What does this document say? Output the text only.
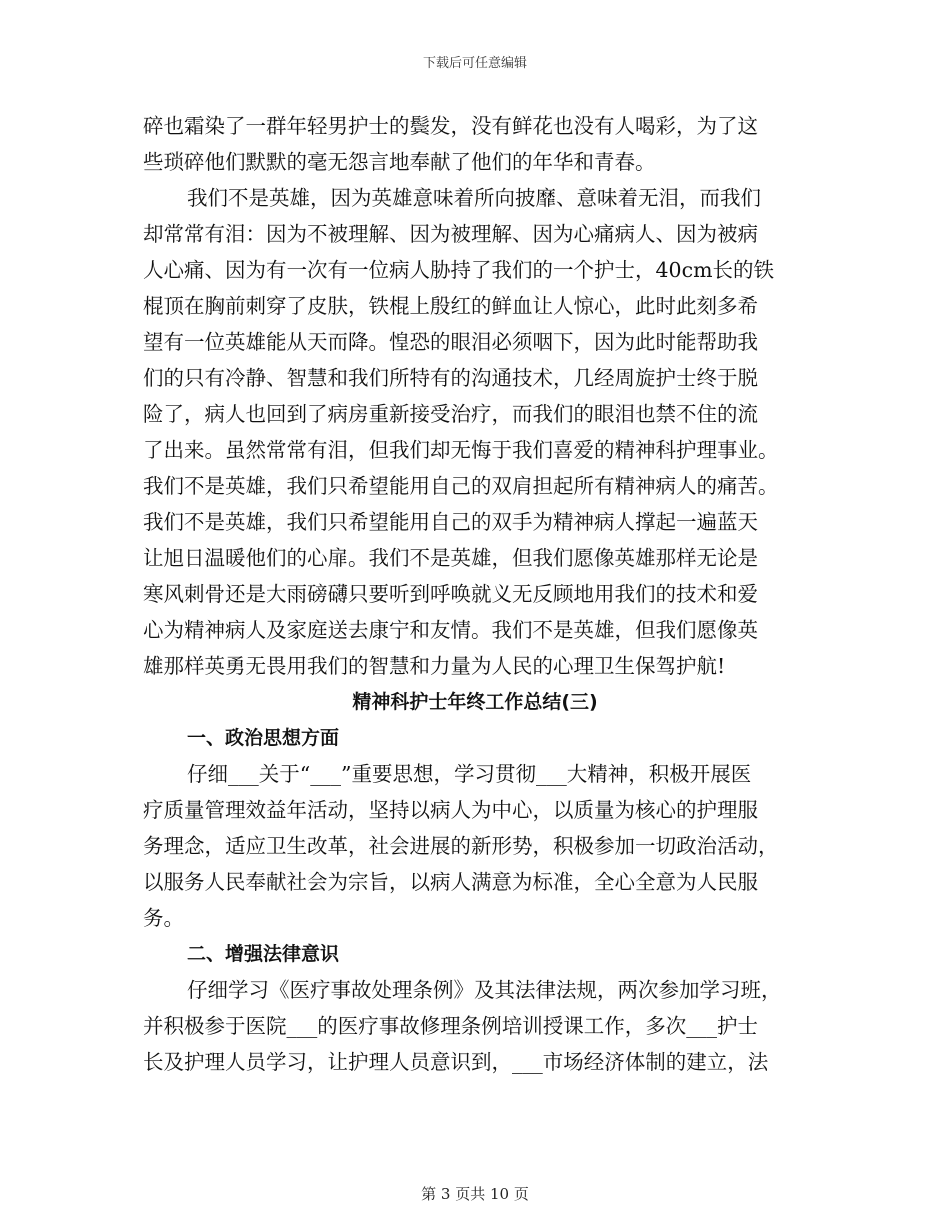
下载后可任意编辑
碎也霜染了一群年轻男护士的鬓发，没有鲜花也没有人喝彩，为了这
些琐碎他们默默的毫无怨言地奉献了他们的年华和青春。
我们不是英雄，因为英雄意味着所向披靡、意味着无泪，而我们
却常常有泪：因为不被理解、因为被理解、因为心痛病人、因为被病
人心痛、因为有一次有一位病人胁持了我们的一个护士，40cm长的铁
棍顶在胸前刺穿了皮肤，铁棍上殷红的鲜血让人惊心，此时此刻多希
望有一位英雄能从天而降。惶恐的眼泪必须咽下，因为此时能帮助我
们的只有冷静、智慧和我们所特有的沟通技术，几经周旋护士终于脱
险了，病人也回到了病房重新接受治疗，而我们的眼泪也禁不住的流
了出来。虽然常常有泪，但我们却无悔于我们喜爱的精神科护理事业。
我们不是英雄，我们只希望能用自己的双肩担起所有精神病人的痛苦。
我们不是英雄，我们只希望能用自己的双手为精神病人撑起一遍蓝天
让旭日温暖他们的心扉。我们不是英雄，但我们愿像英雄那样无论是
寒风刺骨还是大雨磅礴只要听到呼唤就义无反顾地用我们的技术和爱
心为精神病人及家庭送去康宁和友情。我们不是英雄，但我们愿像英
雄那样英勇无畏用我们的智慧和力量为人民的心理卫生保驾护航!
精神科护士年终工作总结(三)
一、政治思想方面
仔细___关于“___”重要思想，学习贯彻___大精神，积极开展医
疗质量管理效益年活动，坚持以病人为中心，以质量为核心的护理服
务理念，适应卫生改革，社会进展的新形势，积极参加一切政治活动，
以服务人民奉献社会为宗旨，以病人满意为标准，全心全意为人民服
务。
二、增强法律意识
仔细学习《医疗事故处理条例》及其法律法规，两次参加学习班，
并积极参于医院___的医疗事故修理条例培训授课工作，多次___护士
长及护理人员学习，让护理人员意识到，___市场经济体制的建立，法
第 3 页共 10 页
